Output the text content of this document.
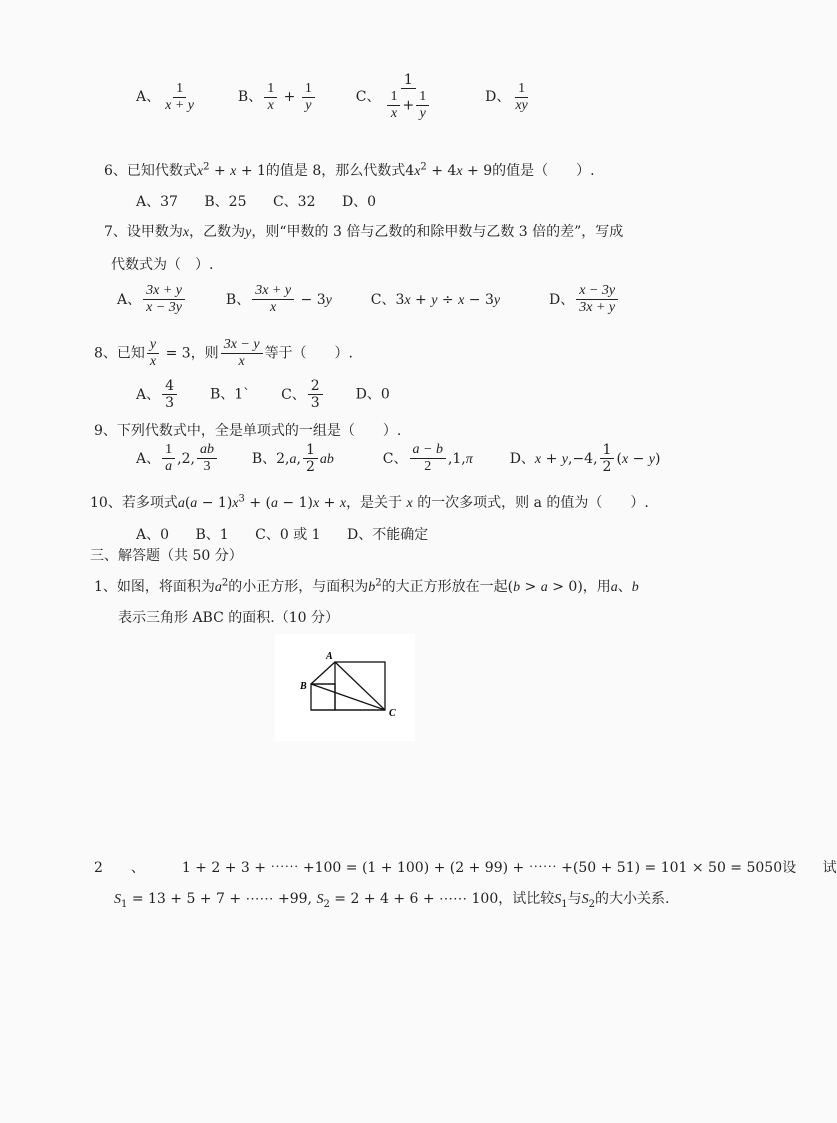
A、 $\frac{1}{x + y}$	B、 $\frac{1}{x} + \frac{1}{y}$	C、 $\frac{1}{\frac{1}{x} + \frac{1}{y}}$	D、 $\frac{1}{xy}$
6、已知代数式$x^2 + x + 1$的值是 8，那么代数式$4x^2 + 4x + 9$的值是（　　）.
A、37 B、25 C、32 D、0
7、设甲数为x，乙数为y，则“甲数的 3 倍与乙数的和除甲数与乙数 3 倍的差”，写成
代数式为（　）.
A、 $\frac{3x + y}{x - 3y}$	B、 $\frac{3x + y}{x} - 3y$	C、3x + y ÷ x − 3y	D、 $\frac{x - 3y}{3x + y}$
8、已知 $\frac{y}{x} = 3$，则 $\frac{3x - y}{x}$ 等于（　　）.
A、 $\frac{4}{3}$ B、1` C、 $\frac{2}{3}$ D、0
9、下列代数式中，全是单项式的一组是（　　）.
A、 $\frac{1}{a} ,2$, $\frac{ab}{3}$ B、2,a, $\frac{1}{2}$ ab	C、 $\frac{a - b}{2} ,1,\pi$	D、x + y,−4, $\frac{1}{2} (x - y)$
10、若多项式$a(a - 1)x^3 + (a - 1)x + x$，是关于 x 的一次多项式，则 a 的值为（　　）.
A、0 B、1 C、0 或 1 D、不能确定
三、解答题（共 50 分）
1、如图，将面积为$a^2$的小正方形，与面积为$b^2$的大正方形放在一起(b > a > 0)，用a、b
表示三角形 ABC 的面积.（10 分）
A
B
C
2　　、  1 + 2 + 3 + ⋯⋯ +100 = (1 + 100) + (2 + 99) + ⋯⋯ +(50 + 51) = 101 × 50 = 5050设 试
$S_1 = 13 + 5 + 7$ + ⋯⋯ +99, $S_2 = 2 + 4 + 6$ + ⋯⋯ 100，试比较$S_1$与$S_2$的大小关系.
